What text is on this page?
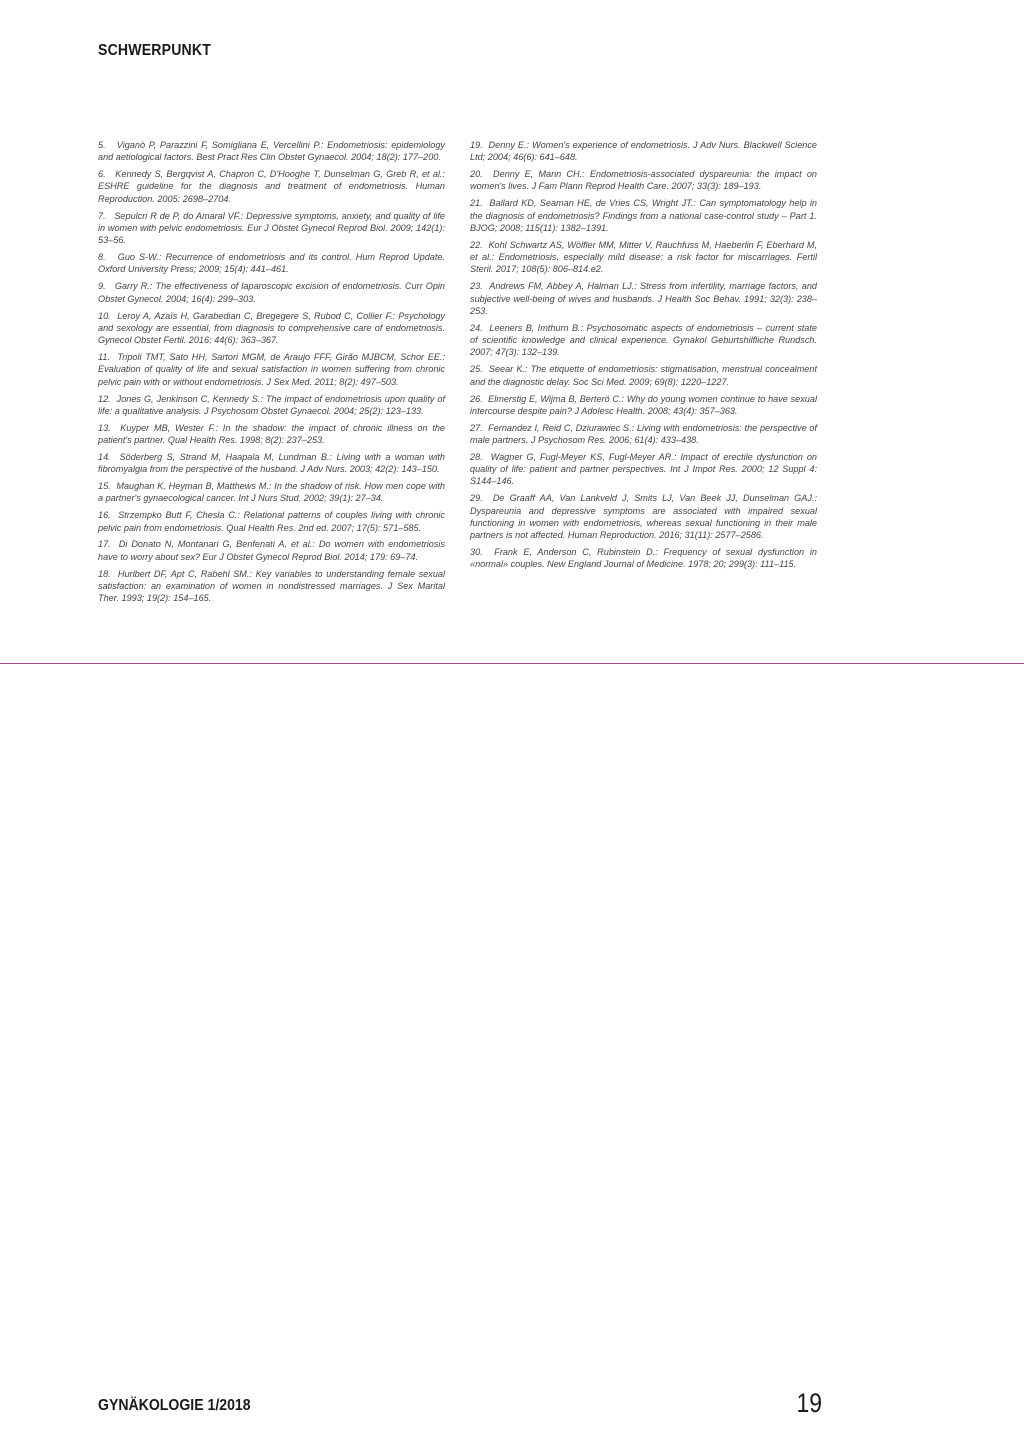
SCHWERPUNKT

5.   Viganò P, Parazzini F, Somigliana E, Vercellini P.: Endometriosis: epidemiology and aetiological factors. Best Pract Res Clin Obstet Gynaecol. 2004; 18(2): 177–200.

6.   Kennedy S, Bergqvist A, Chapron C, D'Hooghe T, Dunselman G, Greb R, et al.: ESHRE guideline for the diagnosis and treatment of endometriosis. Human Reproduction. 2005: 2698–2704.

7.   Sepulcri R de P, do Amaral VF.: Depressive symptoms, anxiety, and quality of life in women with pelvic endometriosis. Eur J Obstet Gynecol Reprod Biol. 2009; 142(1): 53–56.

8.   Guo S-W.: Recurrence of endometriosis and its control. Hum Reprod Update. Oxford University Press; 2009; 15(4): 441–461.

9.   Garry R.: The effectiveness of laparoscopic excision of endometriosis. Curr Opin Obstet Gynecol. 2004; 16(4): 299–303.

10.  Leroy A, Azaïs H, Garabedian C, Bregegere S, Rubod C, Collier F.: Psychology and sexology are essential, from diagnosis to comprehensive care of endometriosis. Gynecol Obstet Fertil. 2016; 44(6): 363–367.

11.  Tripoli TMT, Sato HH, Sartori MGM, de Araujo FFF, Girão MJBCM, Schor EE.: Evaluation of quality of life and sexual satisfaction in women suffering from chronic pelvic pain with or without endometriosis. J Sex Med. 2011; 8(2): 497–503.

12.  Jones G, Jenkinson C, Kennedy S.: The impact of endometriosis upon quality of life: a qualitative analysis. J Psychosom Obstet Gynaecol. 2004; 25(2): 123–133.

13.  Kuyper MB, Wester F.: In the shadow: the impact of chronic illness on the patient's partner. Qual Health Res. 1998; 8(2): 237–253.

14.  Söderberg S, Strand M, Haapala M, Lundman B.: Living with a woman with fibromyalgia from the perspective of the husband. J Adv Nurs. 2003; 42(2): 143–150.

15.  Maughan K, Heyman B, Matthews M.: In the shadow of risk. How men cope with a partner's gynaecological cancer. Int J Nurs Stud. 2002; 39(1): 27–34.

16.  Strzempko Butt F, Chesla C.: Relational patterns of couples living with chronic pelvic pain from endometriosis. Qual Health Res. 2nd ed. 2007; 17(5): 571–585.

17.  Di Donato N, Montanari G, Benfenati A, et al.: Do women with endometriosis have to worry about sex? Eur J Obstet Gynecol Reprod Biol. 2014; 179: 69–74.

18.  Hurlbert DF, Apt C, Rabehl SM.: Key variables to understanding female sexual satisfaction: an examination of women in nondistressed marriages. J Sex Marital Ther. 1993; 19(2): 154–165.

19.  Denny E.: Women's experience of endometriosis. J Adv Nurs. Blackwell Science Ltd; 2004; 46(6): 641–648.

20.  Denny E, Mann CH.: Endometriosis-associated dyspareunia: the impact on women's lives. J Fam Plann Reprod Health Care. 2007; 33(3): 189–193.

21.  Ballard KD, Seaman HE, de Vries CS, Wright JT.: Can symptomatology help in the diagnosis of endometriosis? Findings from a national case-control study – Part 1. BJOG; 2008; 115(11): 1382–1391.

22.  Kohl Schwartz AS, Wölfler MM, Mitter V, Rauchfuss M, Haeberlin F, Eberhard M, et al.: Endometriosis, especially mild disease: a risk factor for miscarriages. Fertil Steril. 2017; 108(5): 806–814.e2.

23.  Andrews FM, Abbey A, Halman LJ.: Stress from infertility, marriage factors, and subjective well-being of wives and husbands. J Health Soc Behav. 1991; 32(3): 238–253.

24.  Leeners B, Imthurn B.: Psychosomatic aspects of endometriosis – current state of scientific knowledge and clinical experience. Gynakol Geburtshilfliche Rundsch. 2007; 47(3): 132–139.

25.  Seear K.: The etiquette of endometriosis: stigmatisation, menstrual concealment and the diagnostic delay. Soc Sci Med. 2009; 69(8): 1220–1227.

26.  Elmerstig E, Wijma B, Berterö C.: Why do young women continue to have sexual intercourse despite pain? J Adolesc Health. 2008; 43(4): 357–363.

27.  Fernandez I, Reid C, Dziurawiec S.: Living with endometriosis: the perspective of male partners. J Psychosom Res. 2006; 61(4): 433–438.

28.  Wagner G, Fugl-Meyer KS, Fugl-Meyer AR.: Impact of erectile dysfunction on quality of life: patient and partner perspectives. Int J Impot Res. 2000; 12 Suppl 4: S144–146.

29.  De Graaff AA, Van Lankveld J, Smits LJ, Van Beek JJ, Dunselman GAJ.: Dyspareunia and depressive symptoms are associated with impaired sexual functioning in women with endometriosis, whereas sexual functioning in their male partners is not affected. Human Reproduction. 2016; 31(11): 2577–2586.

30.  Frank E, Anderson C, Rubinstein D.: Frequency of sexual dysfunction in «normal» couples. New England Journal of Medicine. 1978; 20; 299(3): 111–115.

GYNÄKOLOGIE 1/2018	19
